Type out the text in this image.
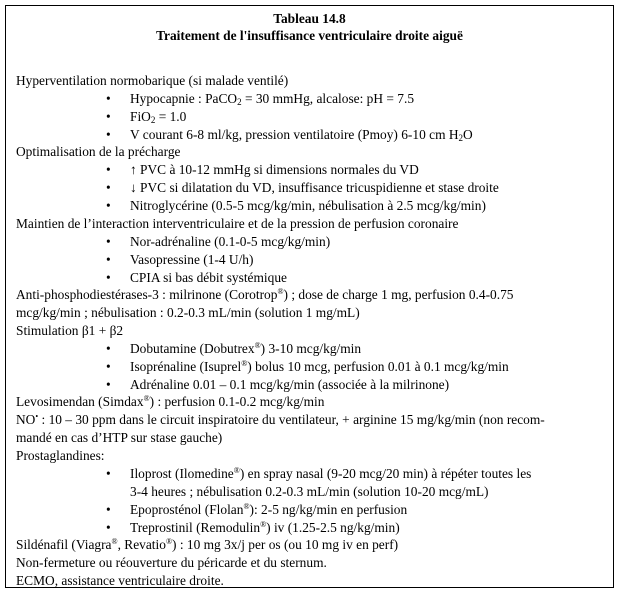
Tableau 14.8
Traitement de l'insuffisance ventriculaire droite aiguë
Hyperventilation normobarique (si malade ventilé)
• Hypocapnie : PaCO$_2$ = 30 mmHg, alcalose: pH = 7.5
• FiO$_2$ = 1.0
• V courant 6-8 ml/kg, pression ventilatoire (Pmoy) 6-10 cm $H_2O$
Optimalisation de la précharge
• ↑ PVC à 10-12 mmHg si dimensions normales du VD
• ↓ PVC si dilatation du VD, insuffisance tricuspidienne et stase droite
• Nitroglycérine (0.5-5 mcg/kg/min, nébulisation à 2.5 mcg/kg/min)
Maintien de l’interaction interventriculaire et de la pression de perfusion coronaire
• Nor-adrénaline (0.1-0-5 mcg/kg/min)
• Vasopressine (1-4 U/h)
• CPIA si bas débit systémique
Anti-phosphodiestérases-3 : milrinone (Corotrop®) ; dose de charge 1 mg, perfusion 0.4-0.75
mcg/kg/min ; nébulisation : 0.2-0.3 mL/min (solution 1 mg/mL)
Stimulation β1 + β2
• Dobutamine (Dobutrex®) 3-10 mcg/kg/min
• Isoprénaline (Isuprel®) bolus 10 mcg, perfusion 0.01 à 0.1 mcg/kg/min
• Adrénaline 0.01 – 0.1 mcg/kg/min (associée à la milrinone)
Levosimendan (Simdax®) : perfusion 0.1-0.2 mcg/kg/min
NO• : 10 – 30 ppm dans le circuit inspiratoire du ventilateur, + arginine 15 mg/kg/min (non recom-
mandé en cas d’HTP sur stase gauche)
Prostaglandines:
• Iloprost (Ilomedine®) en spray nasal (9-20 mcg/20 min) à répéter toutes les
3-4 heures ; nébulisation 0.2-0.3 mL/min (solution 10-20 mcg/mL)
• Epoprosténol (Flolan®): 2-5 ng/kg/min en perfusion
• Treprostinil (Remodulin®) iv (1.25-2.5 ng/kg/min)
Sildénafil (Viagra®, Revatio®) : 10 mg 3x/j per os (ou 10 mg iv en perf)
Non-fermeture ou réouverture du péricarde et du sternum.
ECMO, assistance ventriculaire droite.
